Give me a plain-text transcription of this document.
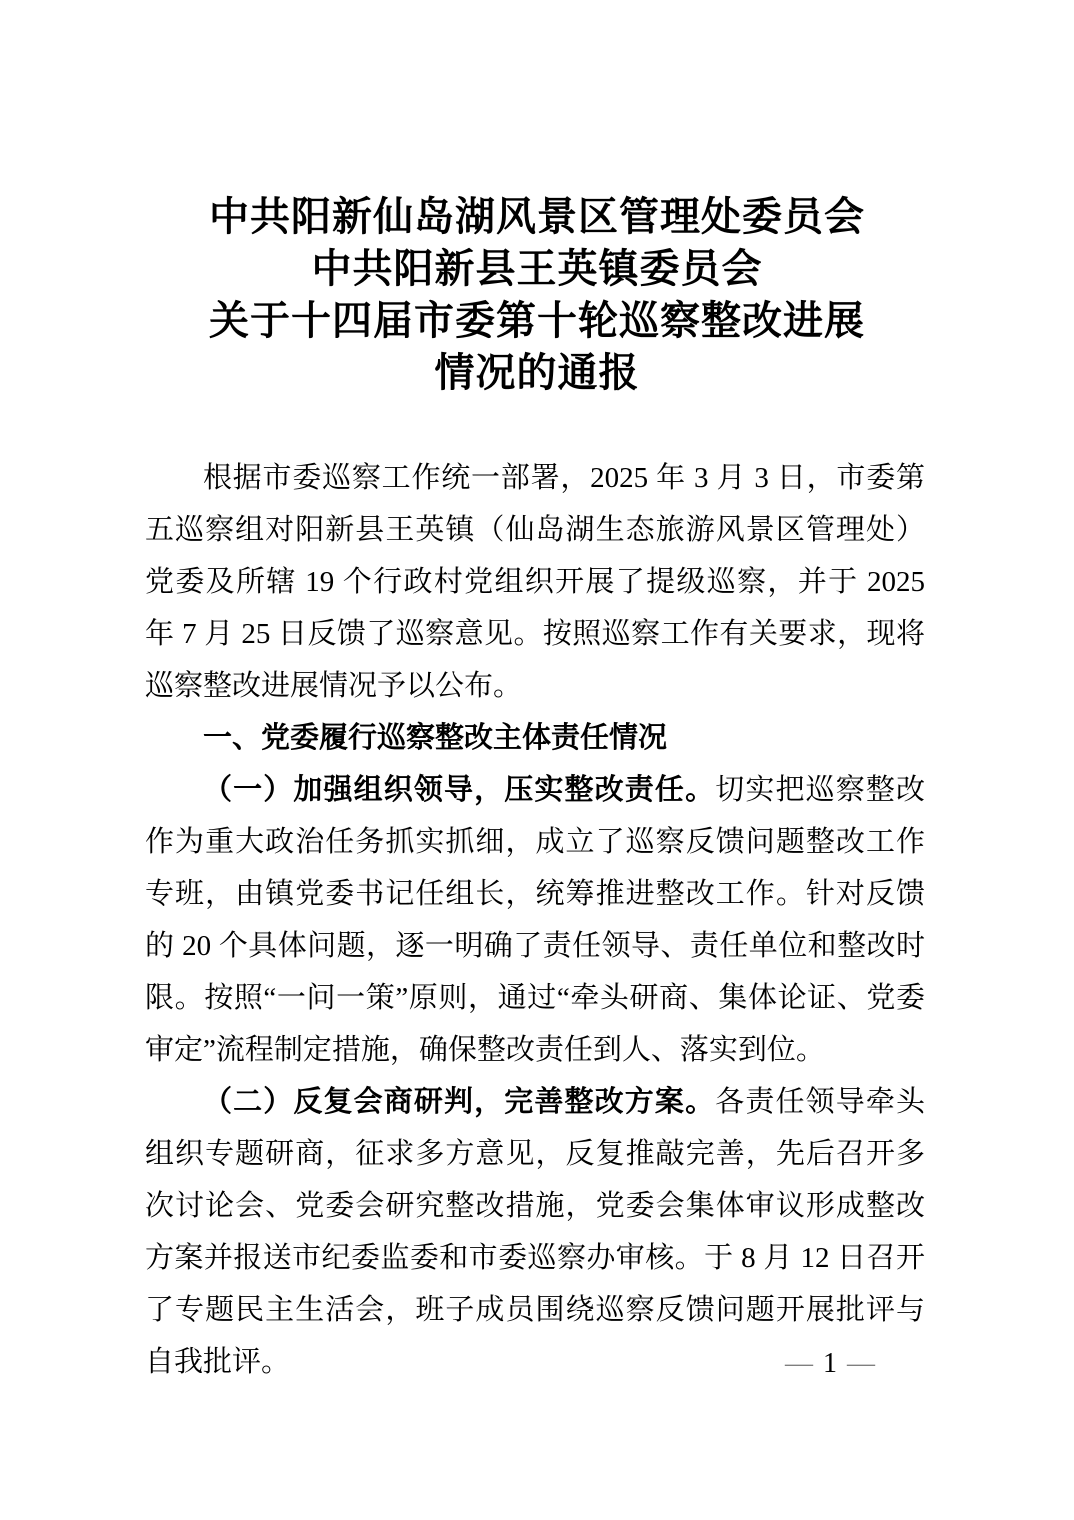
中共阳新仙岛湖风景区管理处委员会
中共阳新县王英镇委员会
关于十四届市委第十轮巡察整改进展
情况的通报

根据市委巡察工作统一部署，2025 年 3 月 3 日，市委第五巡察组对阳新县王英镇（仙岛湖生态旅游风景区管理处）党委及所辖 19 个行政村党组织开展了提级巡察，并于 2025 年 7 月 25 日反馈了巡察意见。按照巡察工作有关要求，现将巡察整改进展情况予以公布。

一、党委履行巡察整改主体责任情况

（一）加强组织领导，压实整改责任。切实把巡察整改作为重大政治任务抓实抓细，成立了巡察反馈问题整改工作专班，由镇党委书记任组长，统筹推进整改工作。针对反馈的 20 个具体问题，逐一明确了责任领导、责任单位和整改时限。按照“一问一策”原则，通过“牵头研商、集体论证、党委审定”流程制定措施，确保整改责任到人、落实到位。

（二）反复会商研判，完善整改方案。各责任领导牵头组织专题研商，征求多方意见，反复推敲完善，先后召开多次讨论会、党委会研究整改措施，党委会集体审议形成整改方案并报送市纪委监委和市委巡察办审核。于 8 月 12 日召开了专题民主生活会，班子成员围绕巡察反馈问题开展批评与自我批评。	— 1 —
